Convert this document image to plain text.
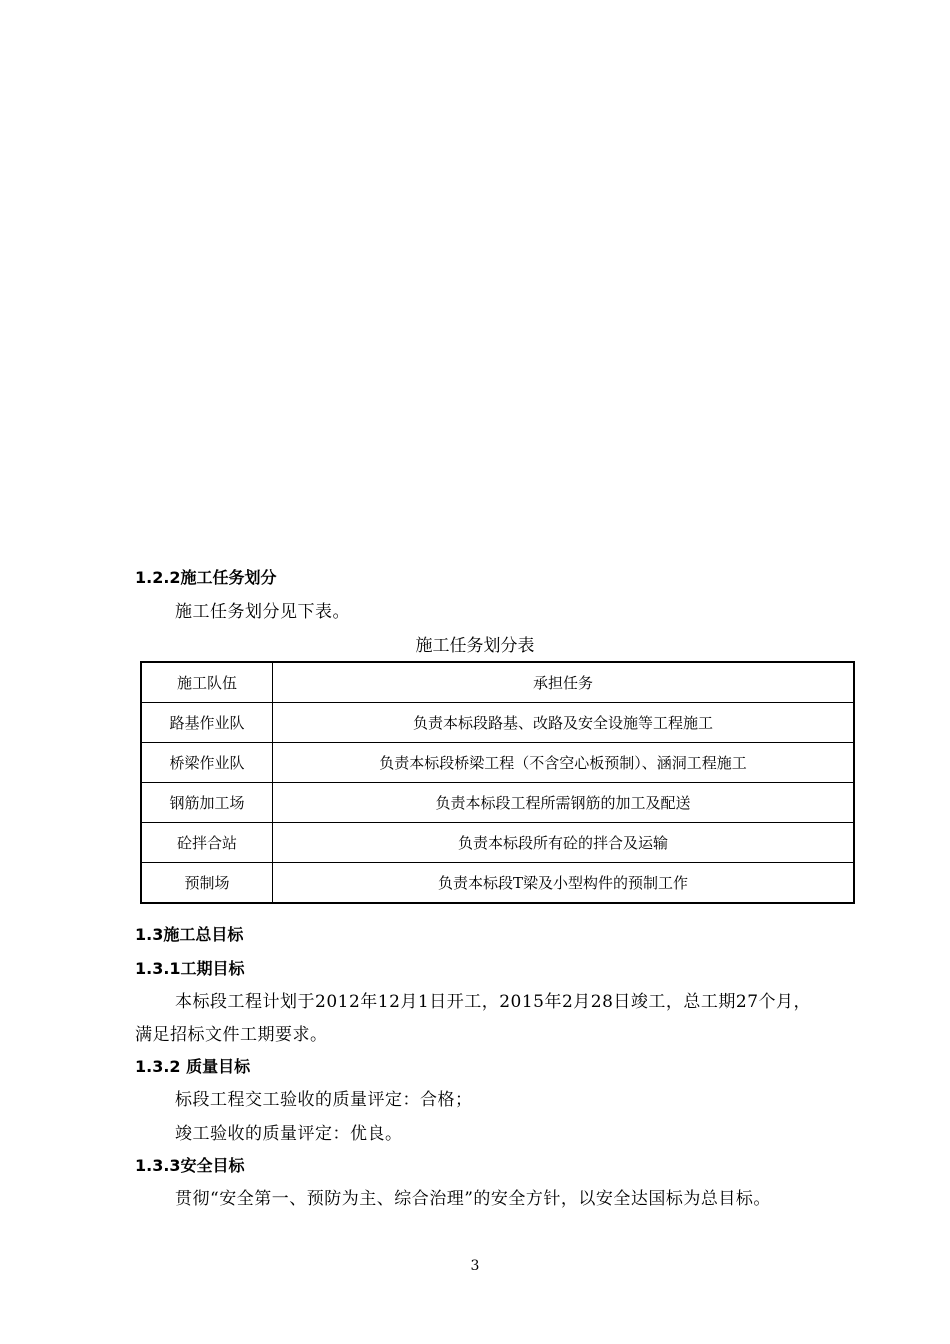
1.2.2施工任务划分
施工任务划分见下表。
施工任务划分表
施工队伍	承担任务
路基作业队	负责本标段路基、改路及安全设施等工程施工
桥梁作业队	负责本标段桥梁工程（不含空心板预制）、涵洞工程施工
钢筋加工场	负责本标段工程所需钢筋的加工及配送
砼拌合站	负责本标段所有砼的拌合及运输
预制场	负责本标段T梁及小型构件的预制工作
1.3施工总目标
1.3.1工期目标
本标段工程计划于2012年12月1日开工，2015年2月28日竣工，总工期27个月，
满足招标文件工期要求。
1.3.2 质量目标
标段工程交工验收的质量评定：合格；
竣工验收的质量评定：优良。
1.3.3安全目标
贯彻“安全第一、预防为主、综合治理”的安全方针，以安全达国标为总目标。
3
